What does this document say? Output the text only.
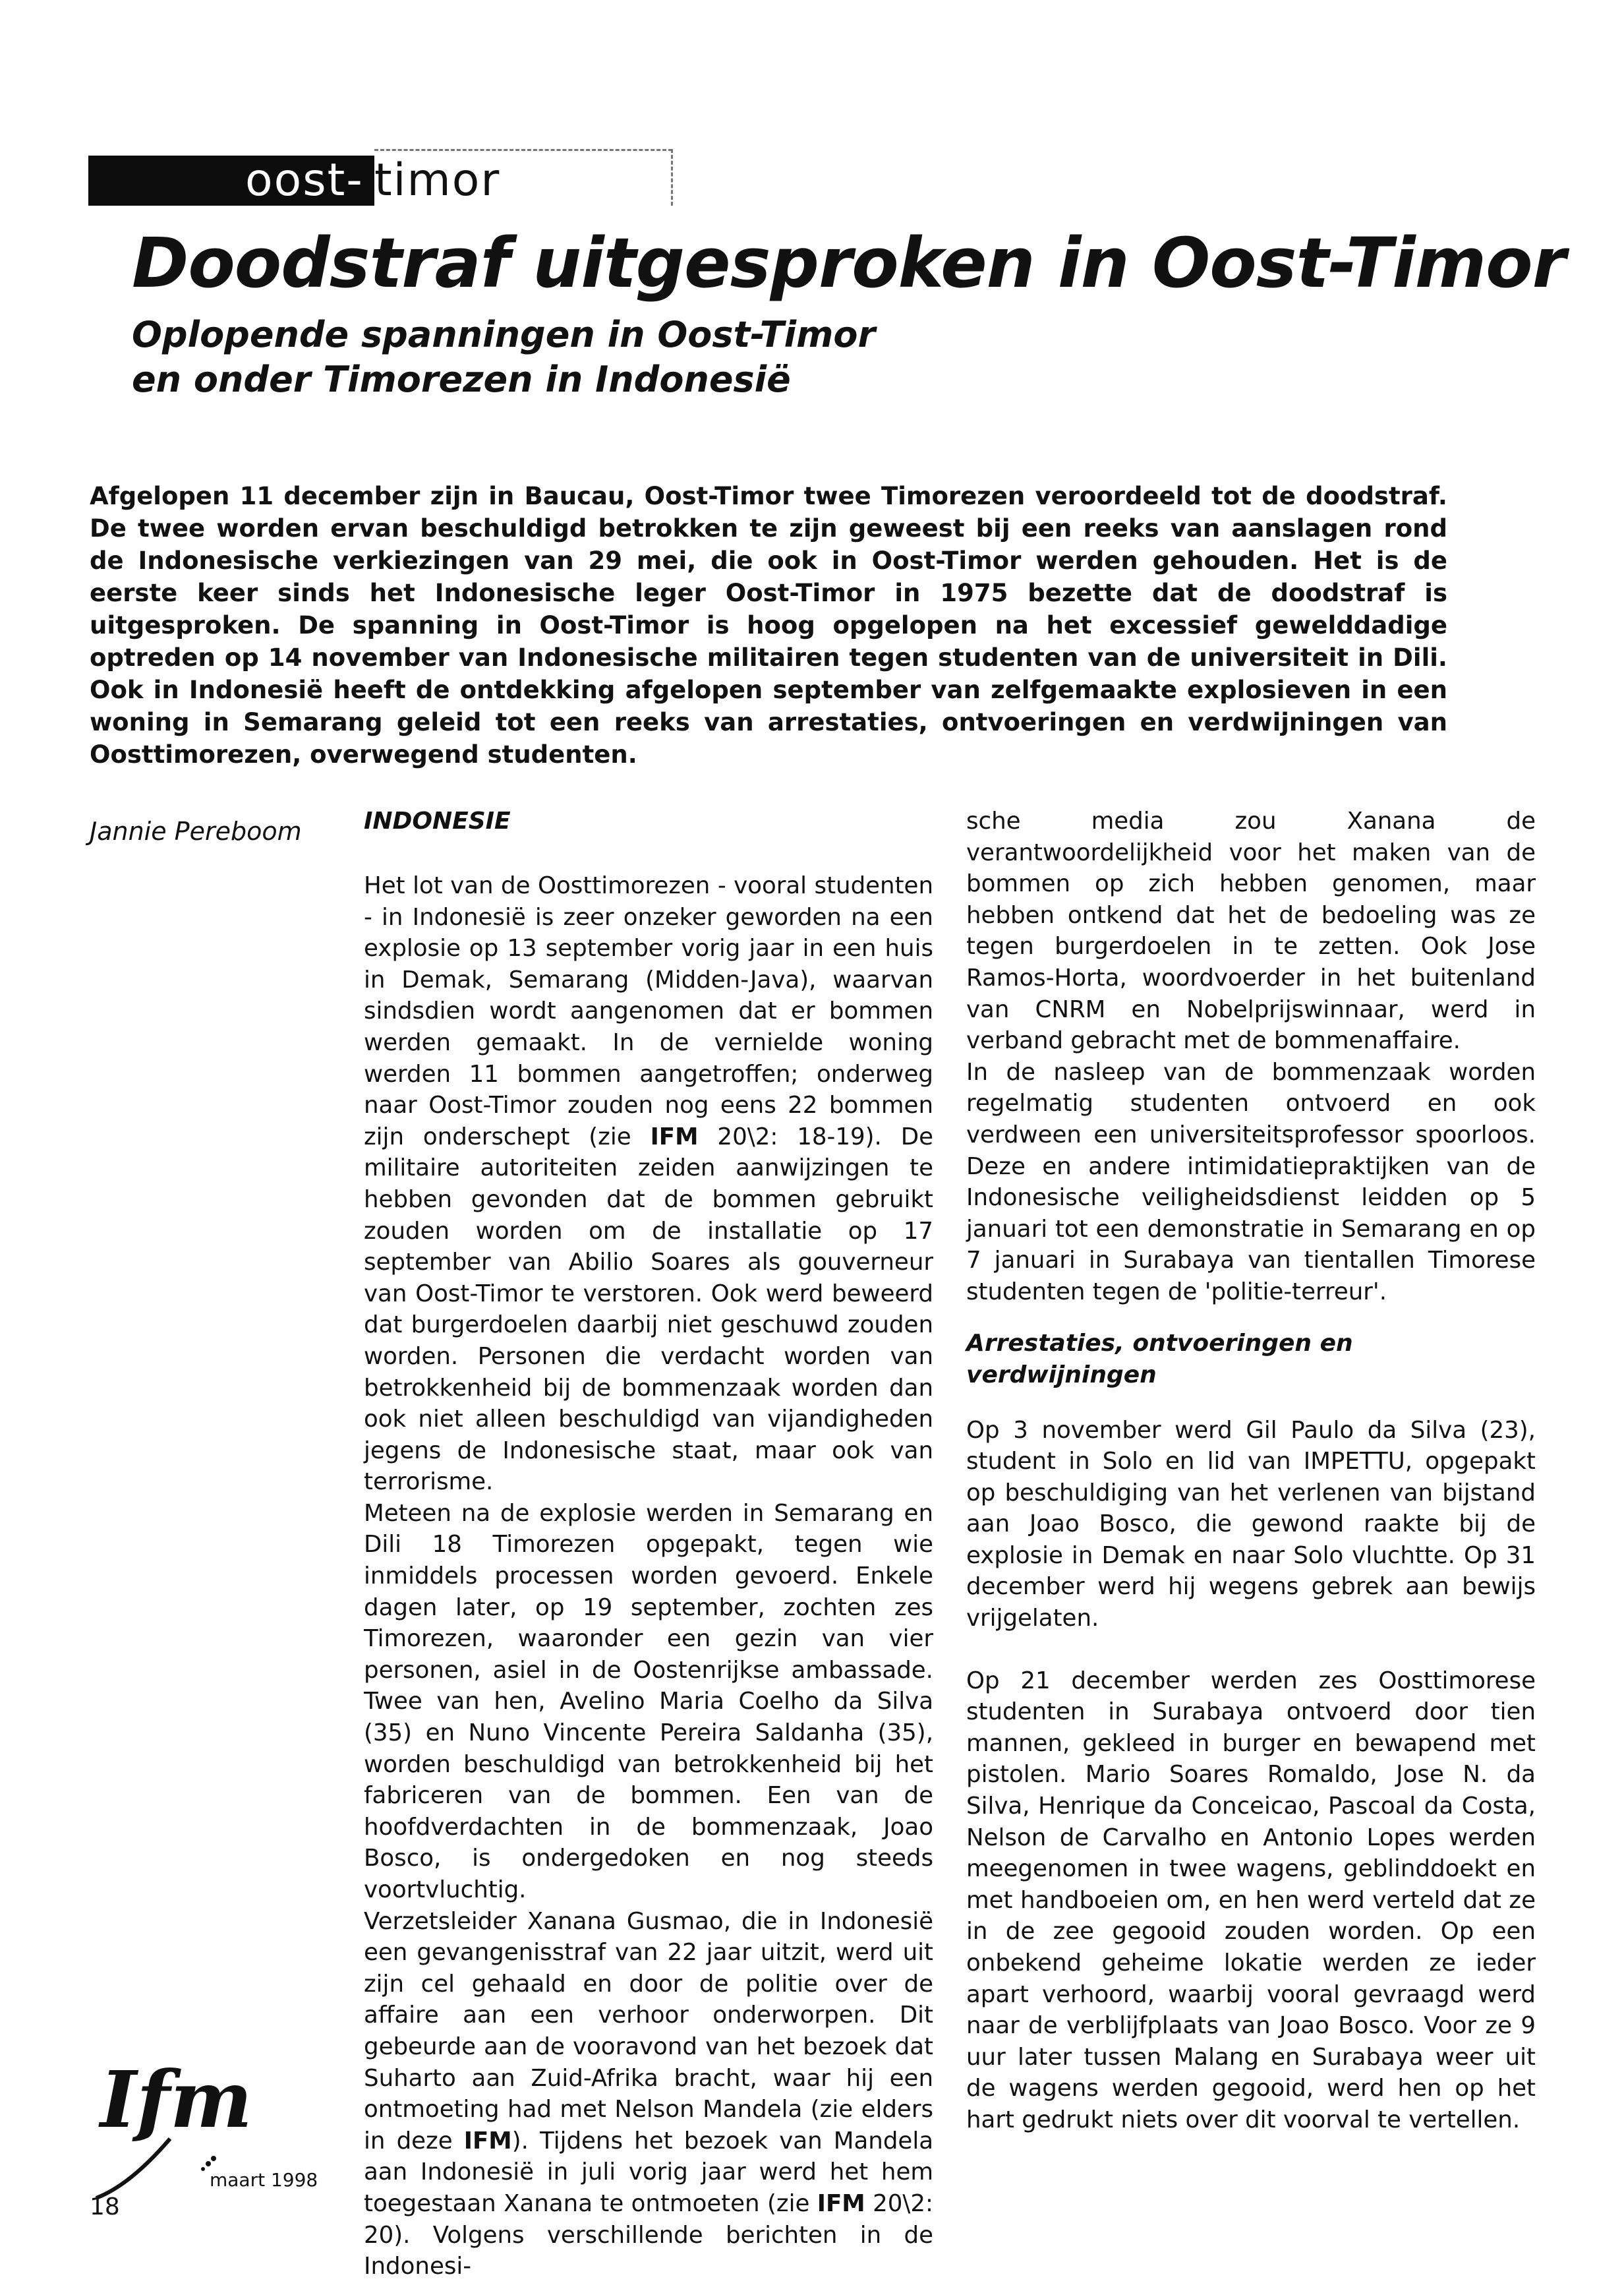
oost- timor
Doodstraf uitgesproken in Oost-Timor
Oplopende spanningen in Oost-Timor
en onder Timorezen in Indonesië

Afgelopen 11 december zijn in Baucau, Oost-Timor twee Timorezen veroordeeld tot de doodstraf. De twee worden ervan beschuldigd betrokken te zijn geweest bij een reeks van aanslagen rond de Indonesische verkiezingen van 29 mei, die ook in Oost-Timor werden gehouden. Het is de eerste keer sinds het Indonesische leger Oost-Timor in 1975 bezette dat de doodstraf is uitgesproken. De spanning in Oost-Timor is hoog opgelopen na het excessief gewelddadige optreden op 14 november van Indonesische militairen tegen studenten van de universiteit in Dili. Ook in Indonesië heeft de ontdekking afgelopen september van zelfgemaakte explosieven in een woning in Semarang geleid tot een reeks van arrestaties, ontvoeringen en verdwijningen van Oosttimorezen, overwegend studenten.

Jannie Pereboom	INDONESIE

Het lot van de Oosttimorezen - vooral studenten - in Indonesië is zeer onzeker geworden na een explosie op 13 september vorig jaar in een huis in Demak, Semarang (Midden-Java), waarvan sindsdien wordt aangenomen dat er bommen werden gemaakt. In de vernielde woning werden 11 bommen aangetroffen; onderweg naar Oost-Timor zouden nog eens 22 bommen zijn onderschept (zie IFM 20\2: 18-19). De militaire autoriteiten zeiden aanwijzingen te hebben gevonden dat de bommen gebruikt zouden worden om de installatie op 17 september van Abilio Soares als gouverneur van Oost-Timor te verstoren. Ook werd beweerd dat burgerdoelen daarbij niet geschuwd zouden worden. Personen die verdacht worden van betrokkenheid bij de bommenzaak worden dan ook niet alleen beschuldigd van vijandigheden jegens de Indonesische staat, maar ook van terrorisme.

Meteen na de explosie werden in Semarang en Dili 18 Timorezen opgepakt, tegen wie inmiddels processen worden gevoerd. Enkele dagen later, op 19 september, zochten zes Timorezen, waaronder een gezin van vier personen, asiel in de Oostenrijkse ambassade. Twee van hen, Avelino Maria Coelho da Silva (35) en Nuno Vincente Pereira Saldanha (35), worden beschuldigd van betrokkenheid bij het fabriceren van de bommen. Een van de hoofdverdachten in de bommenzaak, Joao Bosco, is ondergedoken en nog steeds voortvluchtig.

Verzetsleider Xanana Gusmao, die in Indonesië een gevangenisstraf van 22 jaar uitzit, werd uit zijn cel gehaald en door de politie over de affaire aan een verhoor onderworpen. Dit gebeurde aan de vooravond van het bezoek dat Suharto aan Zuid-Afrika bracht, waar hij een ontmoeting had met Nelson Mandela (zie elders in deze IFM). Tijdens het bezoek van Mandela aan Indonesië in juli vorig jaar werd het hem toegestaan Xanana te ontmoeten (zie IFM 20\2: 20). Volgens verschillende berichten in de Indonesi-

sche media zou Xanana de verantwoordelijkheid voor het maken van de bommen op zich hebben genomen, maar hebben ontkend dat het de bedoeling was ze tegen burgerdoelen in te zetten. Ook Jose Ramos-Horta, woordvoerder in het buitenland van CNRM en Nobelprijswinnaar, werd in verband gebracht met de bommenaffaire.

In de nasleep van de bommenzaak worden regelmatig studenten ontvoerd en ook verdween een universiteitsprofessor spoorloos. Deze en andere intimidatiepraktijken van de Indonesische veiligheidsdienst leidden op 5 januari tot een demonstratie in Semarang en op 7 januari in Surabaya van tientallen Timorese studenten tegen de 'politie-terreur'.

Arrestaties, ontvoeringen en verdwijningen

Op 3 november werd Gil Paulo da Silva (23), student in Solo en lid van IMPETTU, opgepakt op beschuldiging van het verlenen van bijstand aan Joao Bosco, die gewond raakte bij de explosie in Demak en naar Solo vluchtte. Op 31 december werd hij wegens gebrek aan bewijs vrijgelaten.

Op 21 december werden zes Oosttimorese studenten in Surabaya ontvoerd door tien mannen, gekleed in burger en bewapend met pistolen. Mario Soares Romaldo, Jose N. da Silva, Henrique da Conceicao, Pascoal da Costa, Nelson de Carvalho en Antonio Lopes werden meegenomen in twee wagens, geblinddoekt en met handboeien om, en hen werd verteld dat ze in de zee gegooid zouden worden. Op een onbekend geheime lokatie werden ze ieder apart verhoord, waarbij vooral gevraagd werd naar de verblijfplaats van Joao Bosco. Voor ze 9 uur later tussen Malang en Surabaya weer uit de wagens werden gegooid, werd hen op het hart gedrukt niets over dit voorval te vertellen.

Ifm
maart 1998
18
